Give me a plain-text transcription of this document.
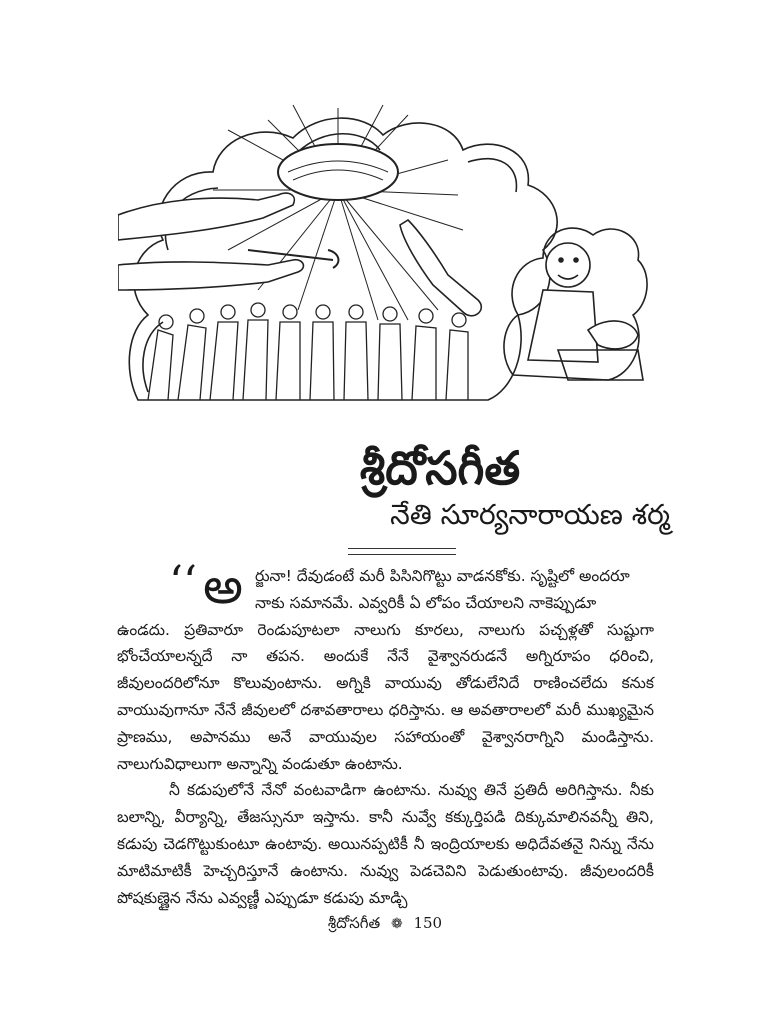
శ్రీదోసగీత
నేతి సూర్యనారాయణ శర్మ
‘‘ అ ర్జునా! దేవుడంటే మరీ పిసినిగొట్టు వాడనకోకు. సృష్టిలో అందరూ
నాకు సమానమే. ఎవ్వరికీ ఏ లోపం చేయాలని నాకెప్పుడూ

ఉండదు. ప్రతివారూ రెండుపూటలా నాలుగు కూరలు, నాలుగు పచ్చళ్లతో సుష్టుగా భోంచేయాలన్నదే నా తపన. అందుకే నేనే వైశ్వానరుడనే అగ్నిరూపం ధరించి, జీవులందరిలోనూ కొలువుంటాను. అగ్నికి వాయువు తోడులేనిదే రాణించలేదు కనుక వాయువుగానూ నేనే జీవులలో దశావతారాలు ధరిస్తాను. ఆ అవతారాలలో మరీ ముఖ్యమైన ప్రాణము, అపానము అనే వాయువుల సహాయంతో వైశ్వానరాగ్నిని మండిస్తాను. నాలుగువిధాలుగా అన్నాన్ని వండుతూ ఉంటాను.

నీ కడుపులోనే నేనో వంటవాడిగా ఉంటాను. నువ్వు తినే ప్రతిదీ అరిగిస్తాను. నీకు బలాన్ని, వీర్యాన్ని, తేజస్సునూ ఇస్తాను. కానీ నువ్వే కక్కుర్తిపడి దిక్కుమాలినవన్నీ తిని, కడుపు చెడగొట్టుకుంటూ ఉంటావు. అయినప్పటికీ నీ ఇంద్రియాలకు అధిదేవతనై నిన్ను నేను మాటిమాటికీ హెచ్చరిస్తూనే ఉంటాను. నువ్వు పెడచెవిని పెడుతుంటావు. జీవులందరికీ పోషకుణ్ణైన నేను ఎవ్వణ్ణీ ఎప్పుడూ కడుపు మాడ్చి

శ్రీదోసగీత ❁ 150
